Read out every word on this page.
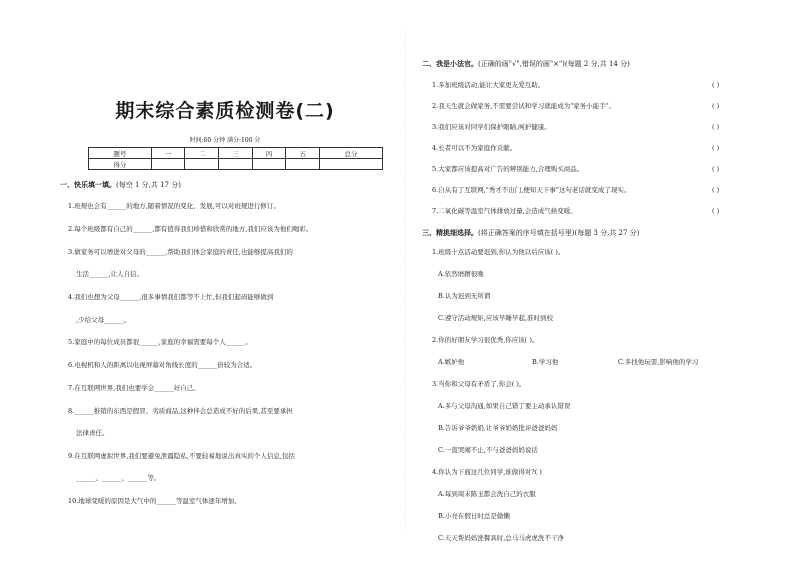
期末综合素质检测卷(二)
时间:60 分钟 满分:100 分
题号	一	二	三	四	五	总分
得分						
一、快乐填一填。(每空 1 分,共 17 分)
1.班规也会有______的地方,随着情况的变化、发展,可以对班规进行修订。
2.每个班级都有自己的______,都有值得我们珍惜和欣赏的地方,我们应该为他们喝彩。
3.做家务可以增进对父母的______,帮助我们体会家庭的责任,也能够提高我们的
生活______,让人自信。
4.我们也想为父母______,很多事情我们都等不上忙,但我们起码能够做到
,少给父母______。
5.家庭中的每位成员都很______,家庭的幸福需要每个人______。
6.电视机和人的距离以电视屏幕对角线长度的______倍较为合适。
7.在互联网世界,我们也要学会______好自己。
8.______推销的东西是假冒、劣质商品,这种伴会总造成不好的后果,甚至要承担
法律责任。
9.在互联网虚拟世界,我们要避免泄露隐私,不要轻易地说出真实的个人信息,包括
______、______、______等。
10.地球变暖的原因是大气中的______等温室气体逐年增加。
二、我是小法官。(正确的画"√",错误的画"×")(每题 2 分,共 14 分)
1.多加班级活动,能让大家更友爱互助。	( )
2.我天生就会做家务,不需要尝试和学习就能成为"家务小能手"。	( )
3.我们应该对同学们保护眼睛,呵护健康。	( )
4.长者可以不为家庭作贡献。	( )
5.大家都应该提高对广告的辨别能力,合理购买商品。	( )
6.自从有了互联网,"秀才不出门,便知天下事"这句老话就变成了现实。	( )
7.二氧化碳等温室气体排放过量,会造成气候变暖。	( )
三、精挑细选择。(将正确答案的序号填在括号里)(每题 3 分,共 27 分)
1.班级十点活动要迟到,你认为他以后应该( )。
A.依然磨蹭很晚
B.认为迟到无所谓
C.遵守活动规矩,应该早睡早起,准时到校
2.你的好朋友学习很优秀,你应该( )。
A.嫉妒他	B.学习他	C.多找他玩耍,影响他的学习
3.当你和父母有矛盾了,你会( )。
A.多与父母沟通,如果自己错了要主动承认错误
B.告诉爷爷奶奶,让爷爷奶奶批评爸爸妈妈
C.一直哭闹不止,不与爸爸妈妈说话
4.你认为下面这几位同学,谁做得对?( )
A.每到周末陈玉都会洗自己的衣服
B.小亮在假日时总是偷懒
C.天天帮妈妈洗餐具时,总马马虎虎洗不干净
